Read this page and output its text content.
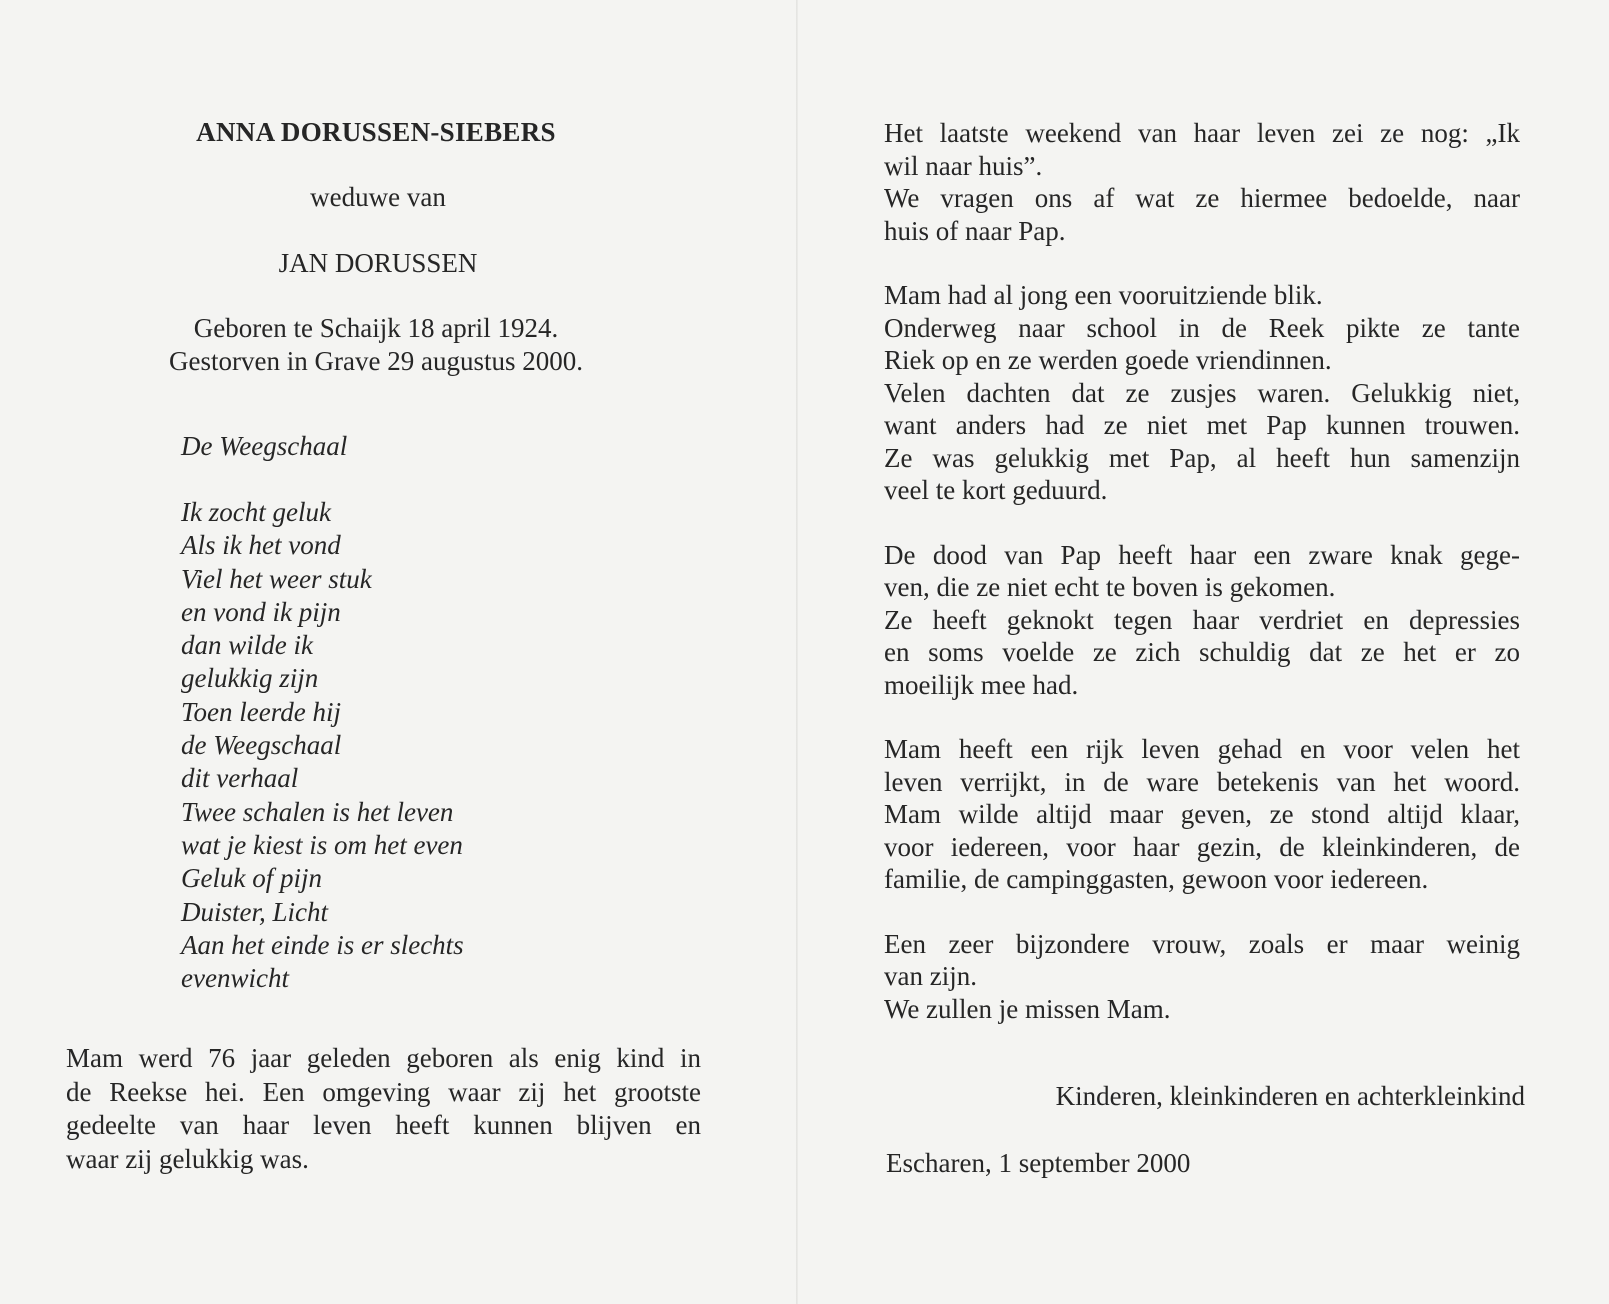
ANNA DORUSSEN-SIEBERS
weduwe van
JAN DORUSSEN
Geboren te Schaijk 18 april 1924.
Gestorven in Grave 29 augustus 2000.
De Weegschaal
Ik zocht geluk
Als ik het vond
Viel het weer stuk
en vond ik pijn
dan wilde ik
gelukkig zijn
Toen leerde hij
de Weegschaal
dit verhaal
Twee schalen is het leven
wat je kiest is om het even
Geluk of pijn
Duister, Licht
Aan het einde is er slechts
evenwicht
Mam werd 76 jaar geleden geboren als enig kind in
de Reekse hei. Een omgeving waar zij het grootste
gedeelte van haar leven heeft kunnen blijven en
waar zij gelukkig was.
Het laatste weekend van haar leven zei ze nog: „Ik
wil naar huis”.
We vragen ons af wat ze hiermee bedoelde, naar
huis of naar Pap.
Mam had al jong een vooruitziende blik.
Onderweg naar school in de Reek pikte ze tante
Riek op en ze werden goede vriendinnen.
Velen dachten dat ze zusjes waren. Gelukkig niet,
want anders had ze niet met Pap kunnen trouwen.
Ze was gelukkig met Pap, al heeft hun samenzijn
veel te kort geduurd.
De dood van Pap heeft haar een zware knak gege-
ven, die ze niet echt te boven is gekomen.
Ze heeft geknokt tegen haar verdriet en depressies
en soms voelde ze zich schuldig dat ze het er zo
moeilijk mee had.
Mam heeft een rijk leven gehad en voor velen het
leven verrijkt, in de ware betekenis van het woord.
Mam wilde altijd maar geven, ze stond altijd klaar,
voor iedereen, voor haar gezin, de kleinkinderen, de
familie, de campinggasten, gewoon voor iedereen.
Een zeer bijzondere vrouw, zoals er maar weinig
van zijn.
We zullen je missen Mam.
Kinderen, kleinkinderen en achterkleinkind
Escharen, 1 september 2000
